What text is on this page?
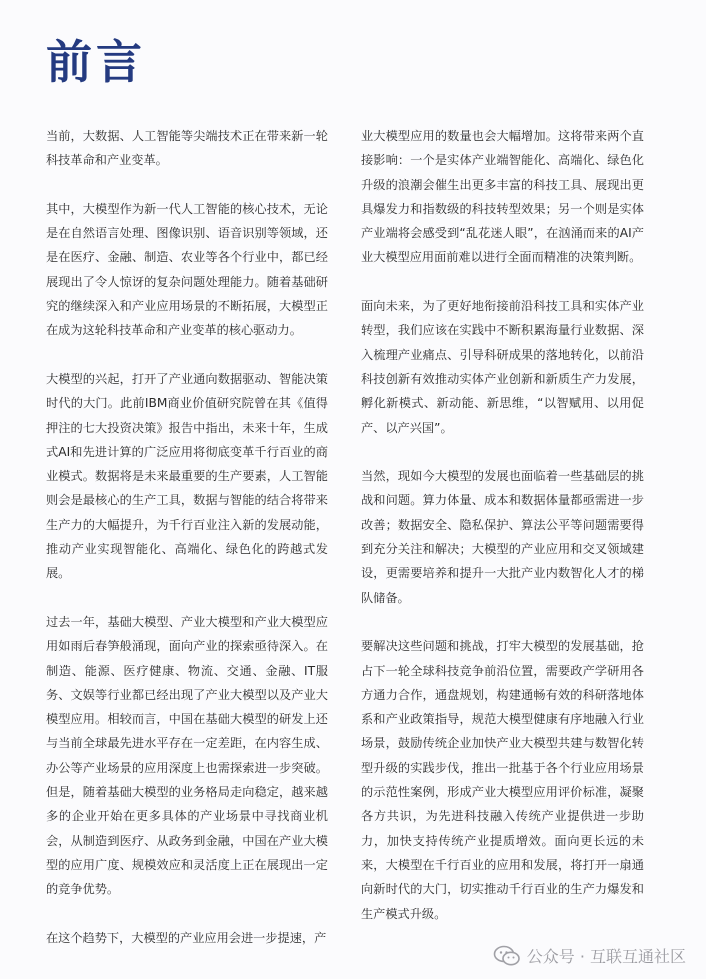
前言

当前，大数据、人工智能等尖端技术正在带来新一轮科技革命和产业变革。

其中，大模型作为新一代人工智能的核心技术，无论是在自然语言处理、图像识别、语音识别等领域，还是在医疗、金融、制造、农业等各个行业中，都已经展现出了令人惊讶的复杂问题处理能力。随着基础研究的继续深入和产业应用场景的不断拓展，大模型正在成为这轮科技革命和产业变革的核心驱动力。

大模型的兴起，打开了产业通向数据驱动、智能决策时代的大门。此前IBM商业价值研究院曾在其《值得押注的七大投资决策》报告中指出，未来十年，生成式AI和先进计算的广泛应用将彻底变革千行百业的商业模式。数据将是未来最重要的生产要素，人工智能则会是最核心的生产工具，数据与智能的结合将带来生产力的大幅提升，为千行百业注入新的发展动能，推动产业实现智能化、高端化、绿色化的跨越式发展。

过去一年，基础大模型、产业大模型和产业大模型应用如雨后春笋般涌现，面向产业的探索亟待深入。在制造、能源、医疗健康、物流、交通、金融、IT服务、文娱等行业都已经出现了产业大模型以及产业大模型应用。相较而言，中国在基础大模型的研发上还与当前全球最先进水平存在一定差距，在内容生成、办公等产业场景的应用深度上也需探索进一步突破。但是，随着基础大模型的业务格局走向稳定，越来越多的企业开始在更多具体的产业场景中寻找商业机会，从制造到医疗、从政务到金融，中国在产业大模型的应用广度、规模效应和灵活度上正在展现出一定的竞争优势。

在这个趋势下，大模型的产业应用会进一步提速，产

业大模型应用的数量也会大幅增加。这将带来两个直接影响：一个是实体产业端智能化、高端化、绿色化升级的浪潮会催生出更多丰富的科技工具、展现出更具爆发力和指数级的科技转型效果；另一个则是实体产业端将会感受到“乱花迷人眼”，在汹涌而来的AI产业大模型应用面前难以进行全面而精准的决策判断。

面向未来，为了更好地衔接前沿科技工具和实体产业转型，我们应该在实践中不断积累海量行业数据、深入梳理产业痛点、引导科研成果的落地转化，以前沿科技创新有效推动实体产业创新和新质生产力发展，孵化新模式、新动能、新思维，“以智赋用、以用促产、以产兴国”。

当然，现如今大模型的发展也面临着一些基础层的挑战和问题。算力体量、成本和数据体量都亟需进一步改善；数据安全、隐私保护、算法公平等问题需要得到充分关注和解决；大模型的产业应用和交叉领域建设，更需要培养和提升一大批产业内数智化人才的梯队储备。

要解决这些问题和挑战，打牢大模型的发展基础，抢占下一轮全球科技竞争前沿位置，需要政产学研用各方通力合作，通盘规划，构建通畅有效的科研落地体系和产业政策指导，规范大模型健康有序地融入行业场景，鼓励传统企业加快产业大模型共建与数智化转型升级的实践步伐，推出一批基于各个行业应用场景的示范性案例，形成产业大模型应用评价标准，凝聚各方共识，为先进科技融入传统产业提供进一步助力，加快支持传统产业提质增效。面向更长远的未来，大模型在千行百业的应用和发展，将打开一扇通向新时代的大门，切实推动千行百业的生产力爆发和生产模式升级。

公众号 · 互联互通社区
